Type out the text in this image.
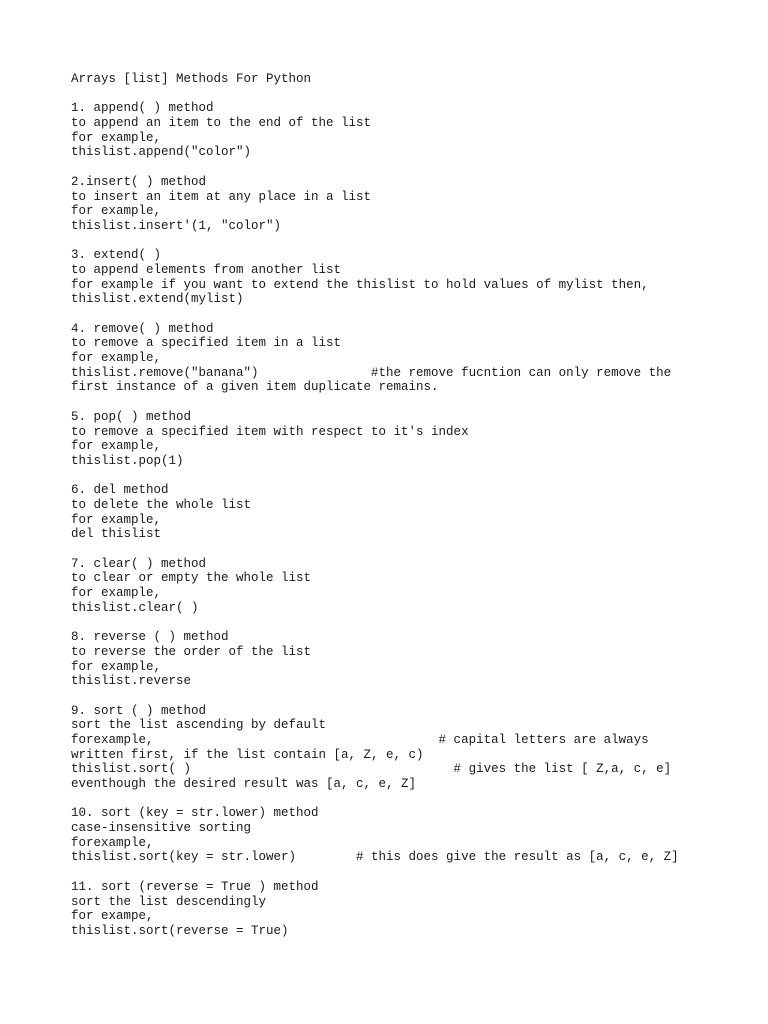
Arrays [list] Methods For Python
1. append( ) method
to append an item to the end of the list
for example,
thislist.append("color")
2.insert( ) method
to insert an item at any place in a list
for example,
thislist.insert'(1, "color")
3. extend( )
to append elements from another list
for example if you want to extend the thislist to hold values of mylist then,
thislist.extend(mylist)
4. remove( ) method
to remove a specified item in a list
for example,
thislist.remove("banana")               #the remove fucntion can only remove the
first instance of a given item duplicate remains.
5. pop( ) method
to remove a specified item with respect to it's index
for example,
thislist.pop(1)
6. del method
to delete the whole list
for example,
del thislist
7. clear( ) method
to clear or empty the whole list
for example,
thislist.clear( )
8. reverse ( ) method
to reverse the order of the list
for example,
thislist.reverse
9. sort ( ) method
sort the list ascending by default
forexample,                                      # capital letters are always
written first, if the list contain [a, Z, e, c)
thislist.sort( )                                   # gives the list [ Z,a, c, e]
eventhough the desired result was [a, c, e, Z]
10. sort (key = str.lower) method
case-insensitive sorting
forexample,
thislist.sort(key = str.lower)        # this does give the result as [a, c, e, Z]
11. sort (reverse = True ) method
sort the list descendingly
for exampe,
thislist.sort(reverse = True)
